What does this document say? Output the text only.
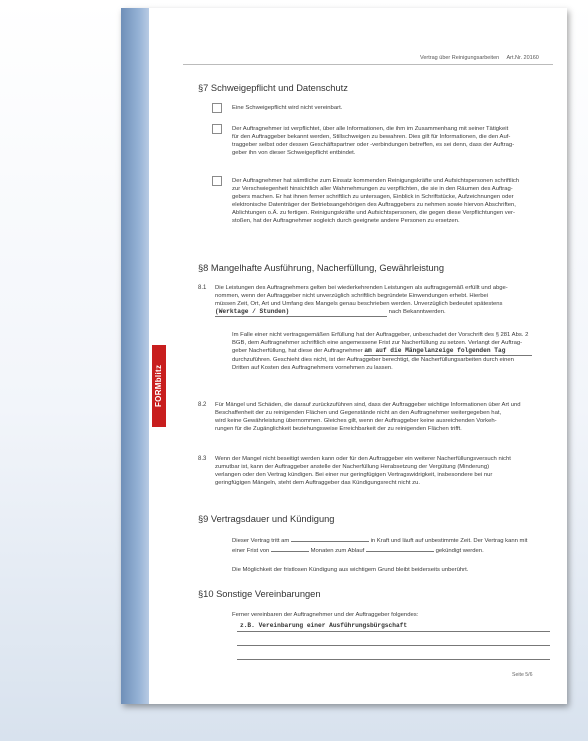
FORMblitz
Vertrag über Reinigungsarbeiten Art.Nr. 20160
§7 Schweigepflicht und Datenschutz
Eine Schweigepflicht wird nicht vereinbart.
Der Auftragnehmer ist verpflichtet, über alle Informationen, die ihm im Zusammenhang mit seiner Tätigkeit
für den Auftraggeber bekannt werden, Stillschweigen zu bewahren. Dies gilt für Informationen, die den Auf-
traggeber selbst oder dessen Geschäftspartner oder -verbindungen betreffen, es sei denn, dass der Auftrag-
geber ihn von dieser Schweigepflicht entbindet.
Der Auftragnehmer hat sämtliche zum Einsatz kommenden Reinigungskräfte und Aufsichtspersonen schriftlich
zur Verschwiegenheit hinsichtlich aller Wahrnehmungen zu verpflichten, die sie in den Räumen des Auftrag-
gebers machen. Er hat ihnen ferner schriftlich zu untersagen, Einblick in Schriftstücke, Aufzeichnungen oder
elektronische Datenträger der Betriebsangehörigen des Auftraggebers zu nehmen sowie hiervon Abschriften,
Ablichtungen o.Ä. zu fertigen. Reinigungskräfte und Aufsichtspersonen, die gegen diese Verpflichtungen ver-
stoßen, hat der Auftragnehmer sogleich durch geeignete andere Personen zu ersetzen.
§8 Mangelhafte Ausführung, Nacherfüllung, Gewährleistung
8.1 Die Leistungen des Auftragnehmers gelten bei wiederkehrenden Leistungen als auftragsgemäß erfüllt und abge-
nommen, wenn der Auftraggeber nicht unverzüglich schriftlich begründete Einwendungen erhebt. Hierbei
müssen Zeit, Ort, Art und Umfang des Mangels genau beschrieben werden. Unverzüglich bedeutet spätestens
(Werktage / Stunden)	nach Bekanntwerden.
Im Falle einer nicht vertragsgemäßen Erfüllung hat der Auftraggeber, unbeschadet der Vorschrift des § 281 Abs. 2
BGB, dem Auftragnehmer schriftlich eine angemessene Frist zur Nacherfüllung zu setzen. Verlangt der Auftrag-
geber Nacherfüllung, hat diese der Auftragnehmer am auf die Mängelanzeige folgenden Tag
durchzuführen. Geschieht dies nicht, ist der Auftraggeber berechtigt, die Nacherfüllungsarbeiten durch einen
Dritten auf Kosten des Auftragnehmers vornehmen zu lassen.
8.2 Für Mängel und Schäden, die darauf zurückzuführen sind, dass der Auftraggeber wichtige Informationen über Art und
Beschaffenheit der zu reinigenden Flächen und Gegenstände nicht an den Auftragnehmer weitergegeben hat,
wird keine Gewährleistung übernommen. Gleiches gilt, wenn der Auftraggeber keine ausreichenden Vorkeh-
rungen für die Zugänglichkeit beziehungsweise Erreichbarkeit der zu reinigenden Flächen trifft.
8.3 Wenn der Mangel nicht beseitigt werden kann oder für den Auftraggeber ein weiterer Nacherfüllungsversuch nicht
zumutbar ist, kann der Auftraggeber anstelle der Nacherfüllung Herabsetzung der Vergütung (Minderung)
verlangen oder den Vertrag kündigen. Bei einer nur geringfügigen Vertragswidrigkeit, insbesondere bei nur
geringfügigen Mängeln, steht dem Auftraggeber das Kündigungsrecht nicht zu.
§9 Vertragsdauer und Kündigung
Dieser Vertrag tritt am	in Kraft und läuft auf unbestimmte Zeit. Der Vertrag kann mit
einer Frist von	Monaten zum Ablauf	gekündigt werden.
Die Möglichkeit der fristlosen Kündigung aus wichtigem Grund bleibt beiderseits unberührt.
§10 Sonstige Vereinbarungen
Ferner vereinbaren der Auftragnehmer und der Auftraggeber folgendes:
z.B. Vereinbarung einer Ausführungsbürgschaft
Seite 5/6
